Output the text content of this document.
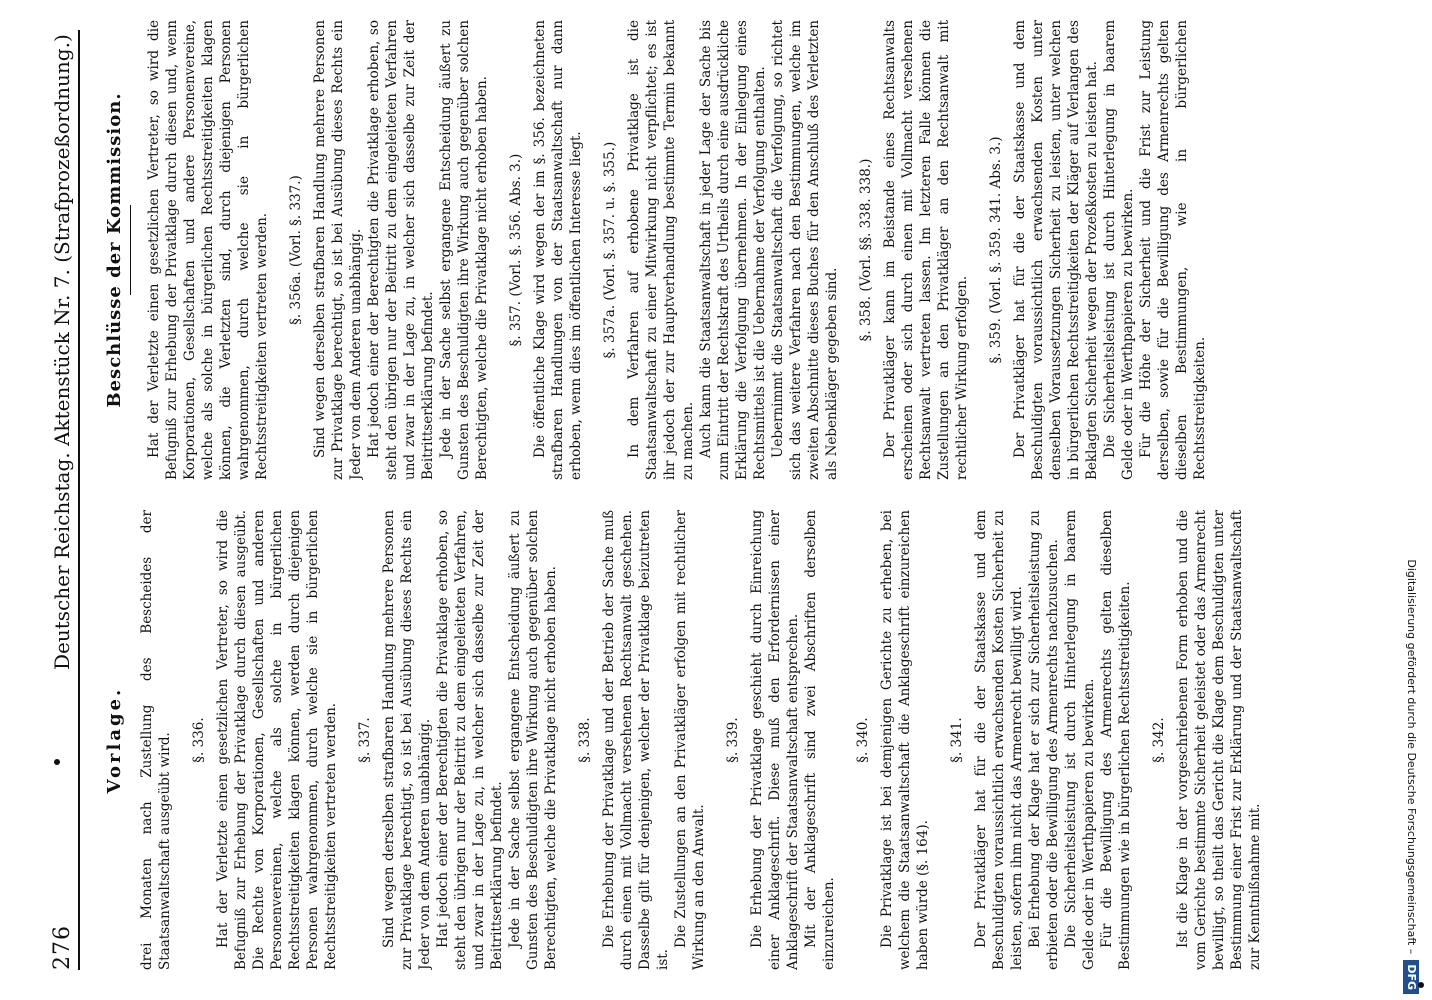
276
Deutscher Reichstag. Aktenstück Nr. 7. (Strafprozeßordnung.)
Vorlage. drei Monaten nach Zustellung des Bescheides der Staatsanwaltschaft ausgeübt wird. §. 336. Hat der Verletzte einen gesetzlichen Vertreter, so wird die Befugniß zur Erhebung der Privatklage durch diesen ausgeübt. Die Rechte von Korporationen, Gesellschaften und anderen Personenvereinen, welche als solche in bürgerlichen Rechtsstreitigkeiten klagen können, werden durch diejenigen Personen wahrgenommen, durch welche sie in bürgerlichen Rechtsstreitigkeiten vertreten werden. §. 337. Sind wegen derselben strafbaren Handlung mehrere Personen zur Privatklage berechtigt, so ist bei Ausübung dieses Rechts ein Jeder von dem Anderen unabhängig. Hat jedoch einer der Berechtigten die Privatklage erhoben, so steht den übrigen nur der Beitritt zu dem eingeleiteten Verfahren, und zwar in der Lage zu, in welcher sich dasselbe zur Zeit der Beitrittserklärung befindet. Jede in der Sache selbst ergangene Entscheidung äußert zu Gunsten des Beschuldigten ihre Wirkung auch gegenüber solchen Berechtigten, welche die Privatklage nicht erhoben haben. §. 338. Die Erhebung der Privatklage und der Betrieb der Sache muß durch einen mit Vollmacht versehenen Rechtsanwalt geschehen. Dasselbe gilt für denjenigen, welcher der Privatklage beizutreten ist.

Die Zustellungen an den Privatkläger erfolgen mit rechtlicher Wirkung an den Anwalt.

§. 339. Die Erhebung der Privatklage geschieht durch Einreichung einer Anklageschrift. Diese muß den Erfordernissen einer Anklageschrift der Staatsanwaltschaft entsprechen. Mit der Anklageschrift sind zwei Abschriften derselben einzureichen.

§. 340. Die Privatklage ist bei demjenigen Gerichte zu erheben, bei welchem die Staatsanwaltschaft die Anklageschrift einzureichen haben würde (§. 164).

§. 341. Der Privatkläger hat für die der Staatskasse und dem Beschuldigten voraussichtlich erwachsenden Kosten Sicherheit zu leisten, sofern ihm nicht das Armenrecht bewilligt wird. Bei Erhebung der Klage hat er sich zur Sicherheitsleistung zu erbieten oder die Bewilligung des Armenrechts nachzusuchen. Die Sicherheitsleistung ist durch Hinterlegung in baarem Gelde oder in Werthpapieren zu bewirken. Für die Bewilligung des Armenrechts gelten dieselben Bestimmungen wie in bürgerlichen Rechtsstreitigkeiten. §. 342. Ist die Klage in der vorgeschriebenen Form erhoben und die vom Gerichte bestimmte Sicherheit geleistet oder das Armenrecht bewilligt, so theilt das Gericht die Klage dem Beschuldigten unter Bestimmung einer Frist zur Erklärung und der Staatsanwaltschaft zur Kenntnißnahme mit.

Beschlüsse der Kommission. Hat der Verletzte einen gesetzlichen Vertreter, so wird die Befugniß zur Erhebung der Privatklage durch diesen und, wenn Korporationen, Gesellschaften und andere Personenvereine, welche als solche in bürgerlichen Rechtsstreitigkeiten klagen können, die Verletzten sind, durch diejenigen Personen wahrgenommen, durch welche sie in bürgerlichen Rechtsstreitigkeiten vertreten werden. §. 356a. (Vorl. §. 337.) Sind wegen derselben strafbaren Handlung mehrere Personen zur Privatklage berechtigt, so ist bei Ausübung dieses Rechts ein Jeder von dem Anderen unabhängig. Hat jedoch einer der Berechtigten die Privatklage erhoben, so steht den übrigen nur der Beitritt zu dem eingeleiteten Verfahren und zwar in der Lage zu, in welcher sich dasselbe zur Zeit der Beitrittserklärung befindet. Jede in der Sache selbst ergangene Entscheidung äußert zu Gunsten des Beschuldigten ihre Wirkung auch gegenüber solchen Berechtigten, welche die Privatklage nicht erhoben haben. §. 357. (Vorl. §. 356. Abs. 3.) Die öffentliche Klage wird wegen der im §. 356. bezeichneten strafbaren Handlungen von der Staatsanwaltschaft nur dann erhoben, wenn dies im öffentlichen Interesse liegt. §. 357a. (Vorl. §. 357. u. §. 355.) In dem Verfahren auf erhobene Privatklage ist die Staatsanwaltschaft zu einer Mitwirkung nicht verpflichtet; es ist ihr jedoch der zur Hauptverhandlung bestimmte Termin bekannt zu machen. Auch kann die Staatsanwaltschaft in jeder Lage der Sache bis zum Eintritt der Rechtskraft des Urtheils durch eine ausdrückliche Erklärung die Verfolgung übernehmen. In der Einlegung eines Rechtsmittels ist die Uebernahme der Verfolgung enthalten. Uebernimmt die Staatsanwaltschaft die Verfolgung, so richtet sich das weitere Verfahren nach den Bestimmungen, welche im zweiten Abschnitte dieses Buches für den Anschluß des Verletzten als Nebenkläger gegeben sind.

§. 358. (Vorl. §§. 338. 338.) Der Privatkläger kann im Beistande eines Rechtsanwalts erscheinen oder sich durch einen mit Vollmacht versehenen Rechtsanwalt vertreten lassen. Im letzteren Falle können die Zustellungen an den Privatkläger an den Rechtsanwalt mit rechtlicher Wirkung erfolgen.

§. 359. (Vorl. §. 359. 341. Abs. 3.) Der Privatkläger hat für die der Staatskasse und dem Beschuldigten voraussichtlich erwachsenden Kosten unter denselben Voraussetzungen Sicherheit zu leisten, unter welchen in bürgerlichen Rechtsstreitigkeiten der Kläger auf Verlangen des Beklagten Sicherheit wegen der Prozeßkosten zu leisten hat. Die Sicherheitsleistung ist durch Hinterlegung in baarem Gelde oder in Werthpapieren zu bewirken. Für die Höhe der Sicherheit und die Frist zur Leistung derselben, sowie für die Bewilligung des Armenrechts gelten dieselben Bestimmungen, wie in bürgerlichen Rechtsstreitigkeiten.

Digitalisierung gefördert durch die Deutsche Forschungsgemeinschaft –DFG
